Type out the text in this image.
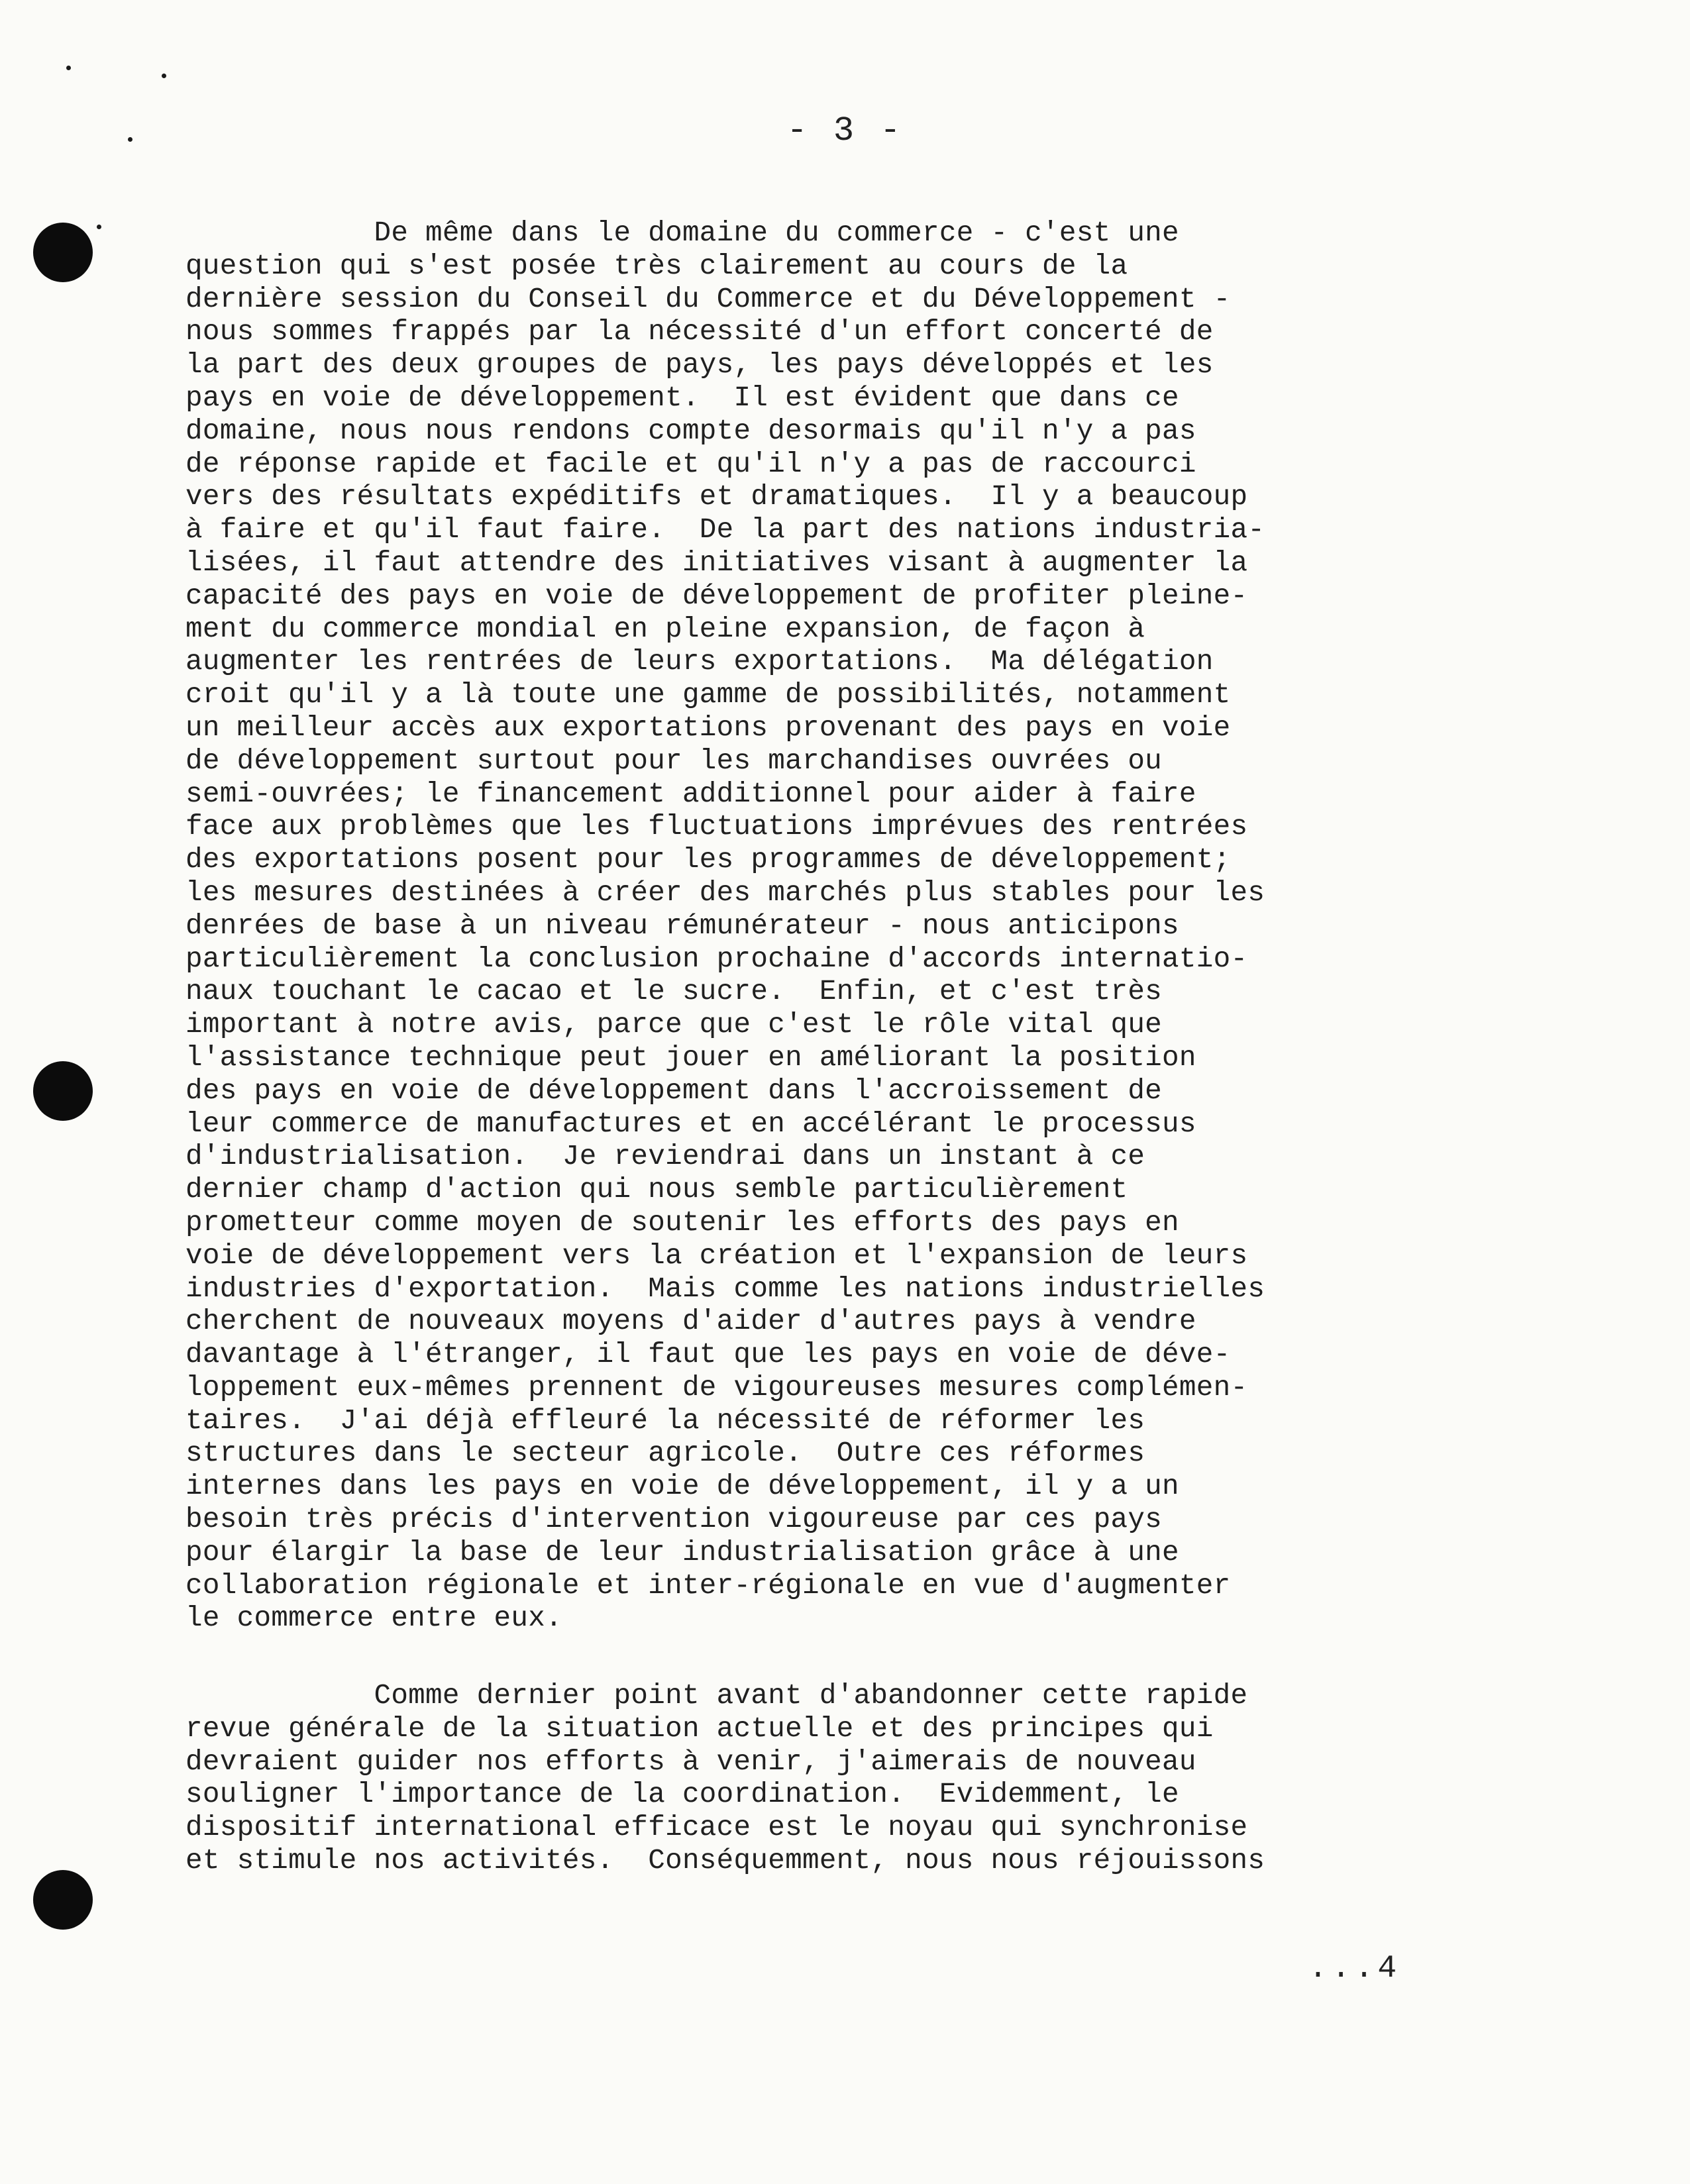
- 3 -
De même dans le domaine du commerce - c'est une
question qui s'est posée très clairement au cours de la
dernière session du Conseil du Commerce et du Développement -
nous sommes frappés par la nécessité d'un effort concerté de
la part des deux groupes de pays, les pays développés et les
pays en voie de développement.  Il est évident que dans ce
domaine, nous nous rendons compte desormais qu'il n'y a pas
de réponse rapide et facile et qu'il n'y a pas de raccourci
vers des résultats expéditifs et dramatiques.  Il y a beaucoup
à faire et qu'il faut faire.  De la part des nations industria-
lisées, il faut attendre des initiatives visant à augmenter la
capacité des pays en voie de développement de profiter pleine-
ment du commerce mondial en pleine expansion, de façon à
augmenter les rentrées de leurs exportations.  Ma délégation
croit qu'il y a là toute une gamme de possibilités, notamment
un meilleur accès aux exportations provenant des pays en voie
de développement surtout pour les marchandises ouvrées ou
semi-ouvrées; le financement additionnel pour aider à faire
face aux problèmes que les fluctuations imprévues des rentrées
des exportations posent pour les programmes de développement;
les mesures destinées à créer des marchés plus stables pour les
denrées de base à un niveau rémunérateur - nous anticipons
particulièrement la conclusion prochaine d'accords internatio-
naux touchant le cacao et le sucre.  Enfin, et c'est très
important à notre avis, parce que c'est le rôle vital que
l'assistance technique peut jouer en améliorant la position
des pays en voie de développement dans l'accroissement de
leur commerce de manufactures et en accélérant le processus
d'industrialisation.  Je reviendrai dans un instant à ce
dernier champ d'action qui nous semble particulièrement
prometteur comme moyen de soutenir les efforts des pays en
voie de développement vers la création et l'expansion de leurs
industries d'exportation.  Mais comme les nations industrielles
cherchent de nouveaux moyens d'aider d'autres pays à vendre
davantage à l'étranger, il faut que les pays en voie de déve-
loppement eux-mêmes prennent de vigoureuses mesures complémen-
taires.  J'ai déjà effleuré la nécessité de réformer les
structures dans le secteur agricole.  Outre ces réformes
internes dans les pays en voie de développement, il y a un
besoin très précis d'intervention vigoureuse par ces pays
pour élargir la base de leur industrialisation grâce à une
collaboration régionale et inter-régionale en vue d'augmenter
le commerce entre eux.
Comme dernier point avant d'abandonner cette rapide
revue générale de la situation actuelle et des principes qui
devraient guider nos efforts à venir, j'aimerais de nouveau
souligner l'importance de la coordination.  Evidemment, le
dispositif international efficace est le noyau qui synchronise
et stimule nos activités.  Conséquemment, nous nous réjouissons
...4
